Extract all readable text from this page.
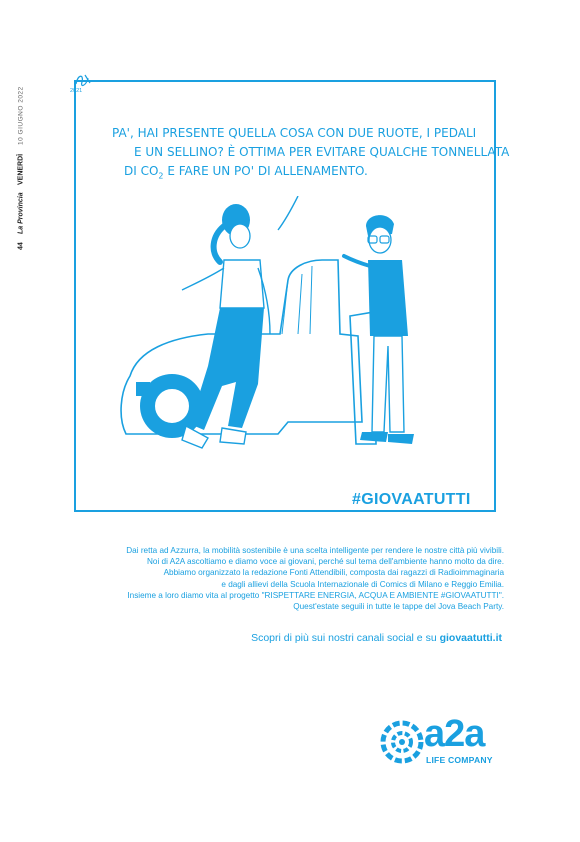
44
La Provincia
VENERDÌ
10 GIUGNO 2022	2021
PA', HAI PRESENTE QUELLA COSA CON DUE RUOTE, I PEDALI
E UN SELLINO? È OTTIMA PER EVITARE QUALCHE TONNELLATA
DI $CO_2$ E FARE UN PO' DI ALLENAMENTO.
#GIOVAATUTTI
Dai retta ad Azzurra, la mobilità sostenibile è una scelta intelligente per rendere le nostre città più vivibili.
Noi di A2A ascoltiamo e diamo voce ai giovani, perché sul tema dell'ambiente hanno molto da dire.
Abbiamo organizzato la redazione Fonti Attendibili, composta dai ragazzi di Radioimmaginaria
e dagli allievi della Scuola Internazionale di Comics di Milano e Reggio Emilia.
Insieme a loro diamo vita al progetto "RISPETTARE ENERGIA, ACQUA E AMBIENTE #GIOVAATUTTI".
Quest'estate seguili in tutte le tappe del Jova Beach Party.
Scopri di più sui nostri canali social e su giovaatutti.it
a2a
LIFE COMPANY
